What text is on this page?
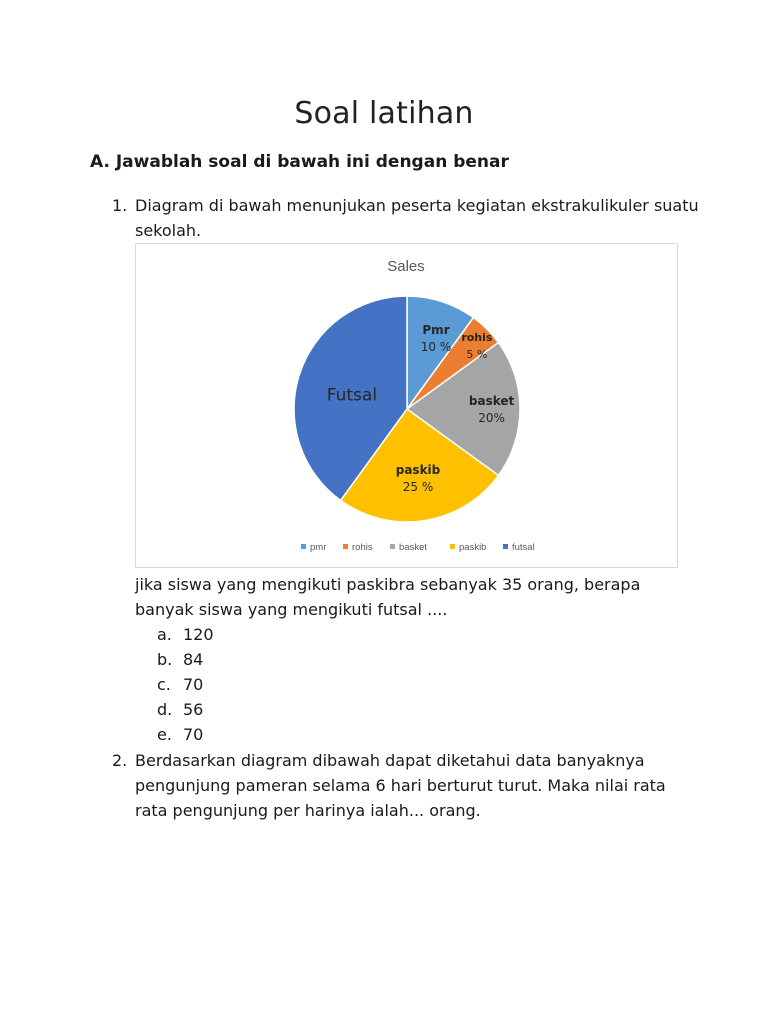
Soal latihan
A. Jawablah soal di bawah ini dengan benar
1. Diagram di bawah menunjukan peserta kegiatan ekstrakulikuler suatu

sekolah.

Sales
Pmr
10 %
rohis
5 %
basket
20%
paskib
25 %
Futsal
pmr	rohis	basket	paskib	futsal

jika siswa yang mengikuti paskibra sebanyak 35 orang, berapa

banyak siswa yang mengikuti futsal ....

a. 120
b. 84
c. 70
d. 56
e. 70
2. Berdasarkan diagram dibawah dapat diketahui data banyaknya

pengunjung pameran selama 6 hari berturut turut. Maka nilai rata

rata pengunjung per harinya ialah... orang.
